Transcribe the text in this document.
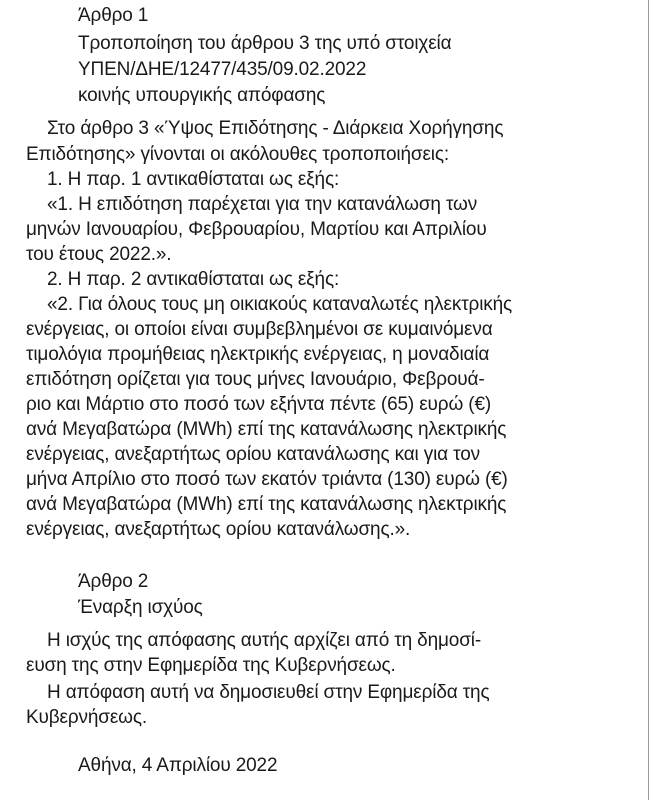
Άρθρο 1
Τροποποίηση του άρθρου 3 της υπό στοιχεία
ΥΠΕΝ/ΔΗΕ/12477/435/09.02.2022
κοινής υπουργικής απόφασης
Στο άρθρο 3 «Ύψος Επιδότησης - Διάρκεια Χορήγησης
Επιδότησης» γίνονται οι ακόλουθες τροποποιήσεις:
1. Η παρ. 1 αντικαθίσταται ως εξής:
«1. Η επιδότηση παρέχεται για την κατανάλωση των
μηνών Ιανουαρίου, Φεβρουαρίου, Μαρτίου και Απριλίου
του έτους 2022.».
2. Η παρ. 2 αντικαθίσταται ως εξής:
«2. Για όλους τους μη οικιακούς καταναλωτές ηλεκτρικής
ενέργειας, οι οποίοι είναι συμβεβλημένοι σε κυμαινόμενα
τιμολόγια προμήθειας ηλεκτρικής ενέργειας, η μοναδιαία
επιδότηση ορίζεται για τους μήνες Ιανουάριο, Φεβρουά-
ριο και Μάρτιο στο ποσό των εξήντα πέντε (65) ευρώ (€)
ανά Μεγαβατώρα (MWh) επί της κατανάλωσης ηλεκτρικής
ενέργειας, ανεξαρτήτως ορίου κατανάλωσης και για τον
μήνα Απρίλιο στο ποσό των εκατόν τριάντα (130) ευρώ (€)
ανά Μεγαβατώρα (MWh) επί της κατανάλωσης ηλεκτρικής
ενέργειας, ανεξαρτήτως ορίου κατανάλωσης.».
Άρθρο 2
Έναρξη ισχύος
Η ισχύς της απόφασης αυτής αρχίζει από τη δημοσί-
ευση της στην Εφημερίδα της Κυβερνήσεως.
Η απόφαση αυτή να δημοσιευθεί στην Εφημερίδα της
Κυβερνήσεως.
Αθήνα, 4 Απριλίου 2022
